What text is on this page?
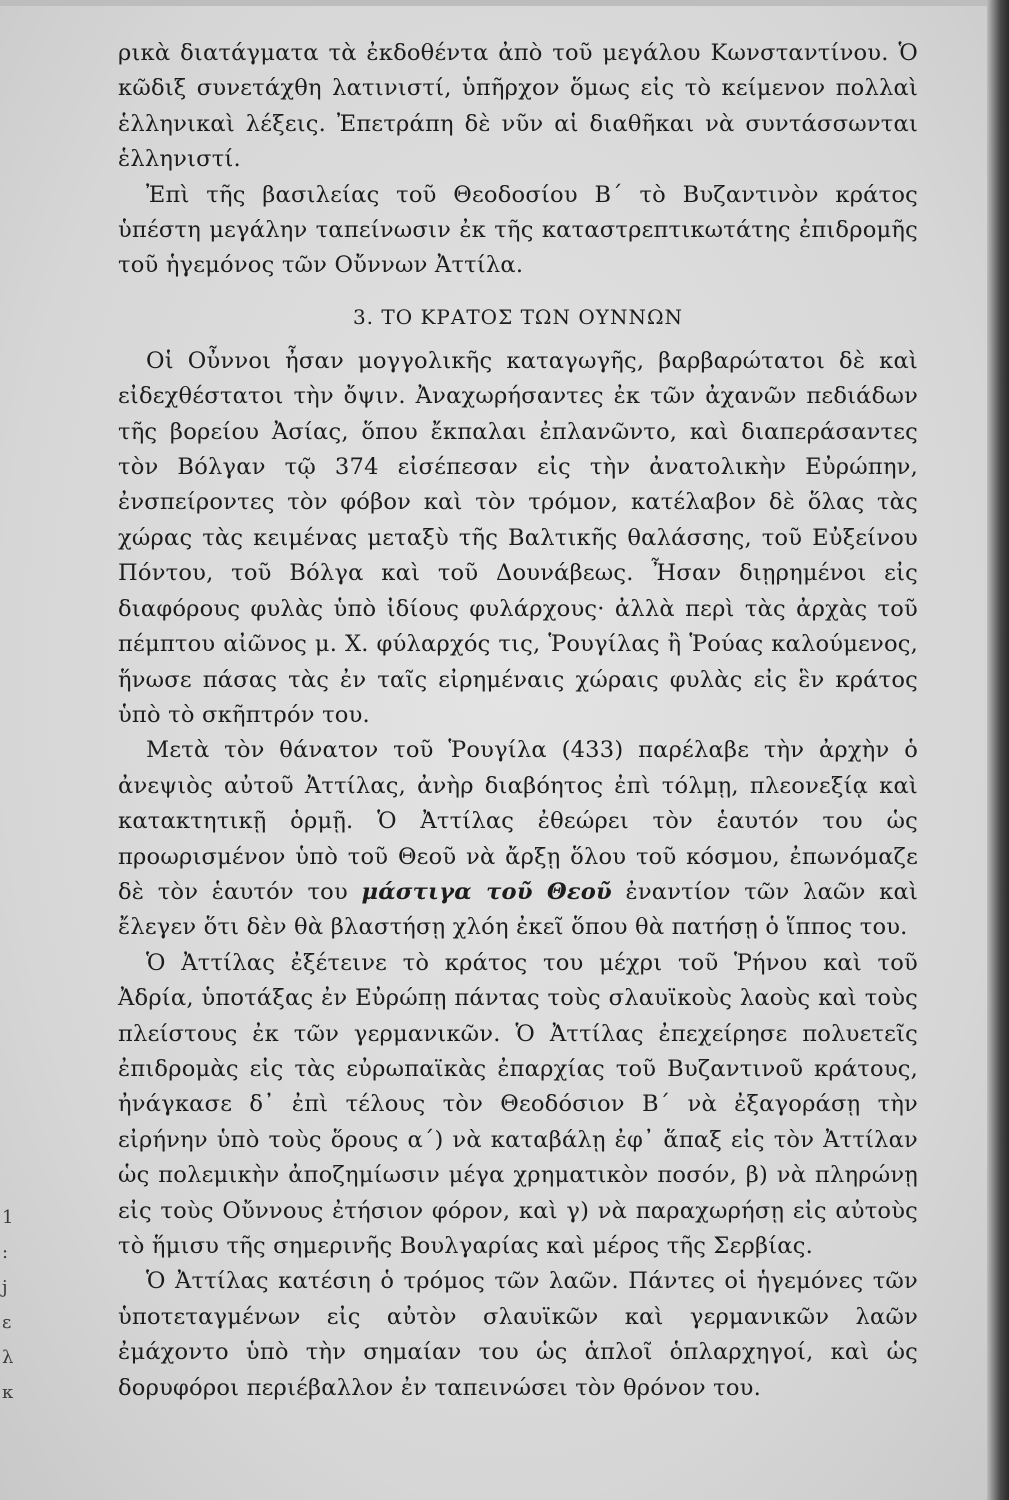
ρικὰ διατάγματα τὰ ἐκδοθέντα ἀπὸ τοῦ μεγάλου Κωνσταντίνου. Ὁ κῶδιξ συνετάχθη λατινιστί, ὑπῆρχον ὅμως εἰς τὸ κείμενον πολλαὶ ἑλληνικαὶ λέξεις. Ἐπετράπη δὲ νῦν αἱ διαθῆκαι νὰ συντάσσωνται ἑλληνιστί.

Ἐπὶ τῆς βασιλείας τοῦ Θεοδοσίου Β΄ τὸ Βυζαντινὸν κράτος ὑπέστη μεγάλην ταπείνωσιν ἐκ τῆς καταστρεπτικωτάτης ἐπιδρομῆς τοῦ ἡγεμόνος τῶν Οὔννων Ἀττίλα.

3. ΤΟ ΚΡΑΤΟΣ ΤΩΝ ΟΥΝΝΩΝ

Οἱ Οὖννοι ἦσαν μογγολικῆς καταγωγῆς, βαρβαρώτατοι δὲ καὶ εἰδεχθέστατοι τὴν ὄψιν. Ἀναχωρήσαντες ἐκ τῶν ἀχανῶν πεδιάδων τῆς βορείου Ἀσίας, ὅπου ἔκπαλαι ἐπλανῶντο, καὶ διαπεράσαντες τὸν Βόλγαν τῷ 374 εἰσέπεσαν εἰς τὴν ἀνατολικὴν Εὐρώπην, ἐνσπείροντες τὸν φόβον καὶ τὸν τρόμον, κατέλαβον δὲ ὅλας τὰς χώρας τὰς κειμένας μεταξὺ τῆς Βαλτικῆς θαλάσσης, τοῦ Εὐξείνου Πόντου, τοῦ Βόλγα καὶ τοῦ Δουνάβεως. Ἦσαν διῃρημένοι εἰς διαφόρους φυλὰς ὑπὸ ἰδίους φυλάρχους· ἀλλὰ περὶ τὰς ἀρχὰς τοῦ πέμπτου αἰῶνος μ. Χ. φύλαρχός τις, Ῥουγίλας ἢ Ῥούας καλούμενος, ἥνωσε πάσας τὰς ἐν ταῖς εἰρημέναις χώραις φυλὰς εἰς ἓν κράτος ὑπὸ τὸ σκῆπτρόν του.

Μετὰ τὸν θάνατον τοῦ Ῥουγίλα (433) παρέλαβε τὴν ἀρχὴν ὁ ἀνεψιὸς αὐτοῦ Ἀττίλας, ἀνὴρ διαβόητος ἐπὶ τόλμῃ, πλεονεξίᾳ καὶ κατακτητικῇ ὁρμῇ. Ὁ Ἀττίλας ἐθεώρει τὸν ἑαυτόν του ὡς προωρισμένον ὑπὸ τοῦ Θεοῦ νὰ ἄρξῃ ὅλου τοῦ κόσμου, ἐπωνόμαζε δὲ τὸν ἑαυτόν του μάστιγα τοῦ Θεοῦ ἐναντίον τῶν λαῶν καὶ ἔλεγεν ὅτι δὲν θὰ βλαστήσῃ χλόη ἐκεῖ ὅπου θὰ πατήσῃ ὁ ἵππος του.

Ὁ Ἀττίλας ἐξέτεινε τὸ κράτος του μέχρι τοῦ Ῥήνου καὶ τοῦ Ἀδρία, ὑποτάξας ἐν Εὐρώπῃ πάντας τοὺς σλαυϊκοὺς λαοὺς καὶ τοὺς πλείστους ἐκ τῶν γερμανικῶν. Ὁ Ἀττίλας ἐπεχείρησε πολυετεῖς ἐπιδρομὰς εἰς τὰς εὐρωπαϊκὰς ἐπαρχίας τοῦ Βυζαντινοῦ κράτους, ἠνάγκασε δ᾽ ἐπὶ τέλους τὸν Θεοδόσιον Β΄ νὰ ἐξαγοράσῃ τὴν εἰρήνην ὑπὸ τοὺς ὅρους α΄) νὰ καταβάλῃ ἐφ᾽ ἅπαξ εἰς τὸν Ἀττίλαν ὡς πολεμικὴν ἀποζημίωσιν μέγα χρηματικὸν ποσόν, β) νὰ πληρώνῃ εἰς τοὺς Οὔννους ἐτήσιον φόρον, καὶ γ) νὰ παραχωρήσῃ εἰς αὐτοὺς τὸ ἥμισυ τῆς σημερινῆς Βουλγαρίας καὶ μέρος τῆς Σερβίας.

Ὁ Ἀττίλας κατέσιη ὁ τρόμος τῶν λαῶν. Πάντες οἱ ἡγεμόνες τῶν ὑποτεταγμένων εἰς αὐτὸν σλαυϊκῶν καὶ γερμανικῶν λαῶν ἐμάχοντο ὑπὸ τὴν σημαίαν του ὡς ἁπλοῖ ὁπλαρχηγοί, καὶ ὡς δορυφόροι περιέβαλλον ἐν ταπεινώσει τὸν θρόνον του.

1
:
j
ε
λ
κ
